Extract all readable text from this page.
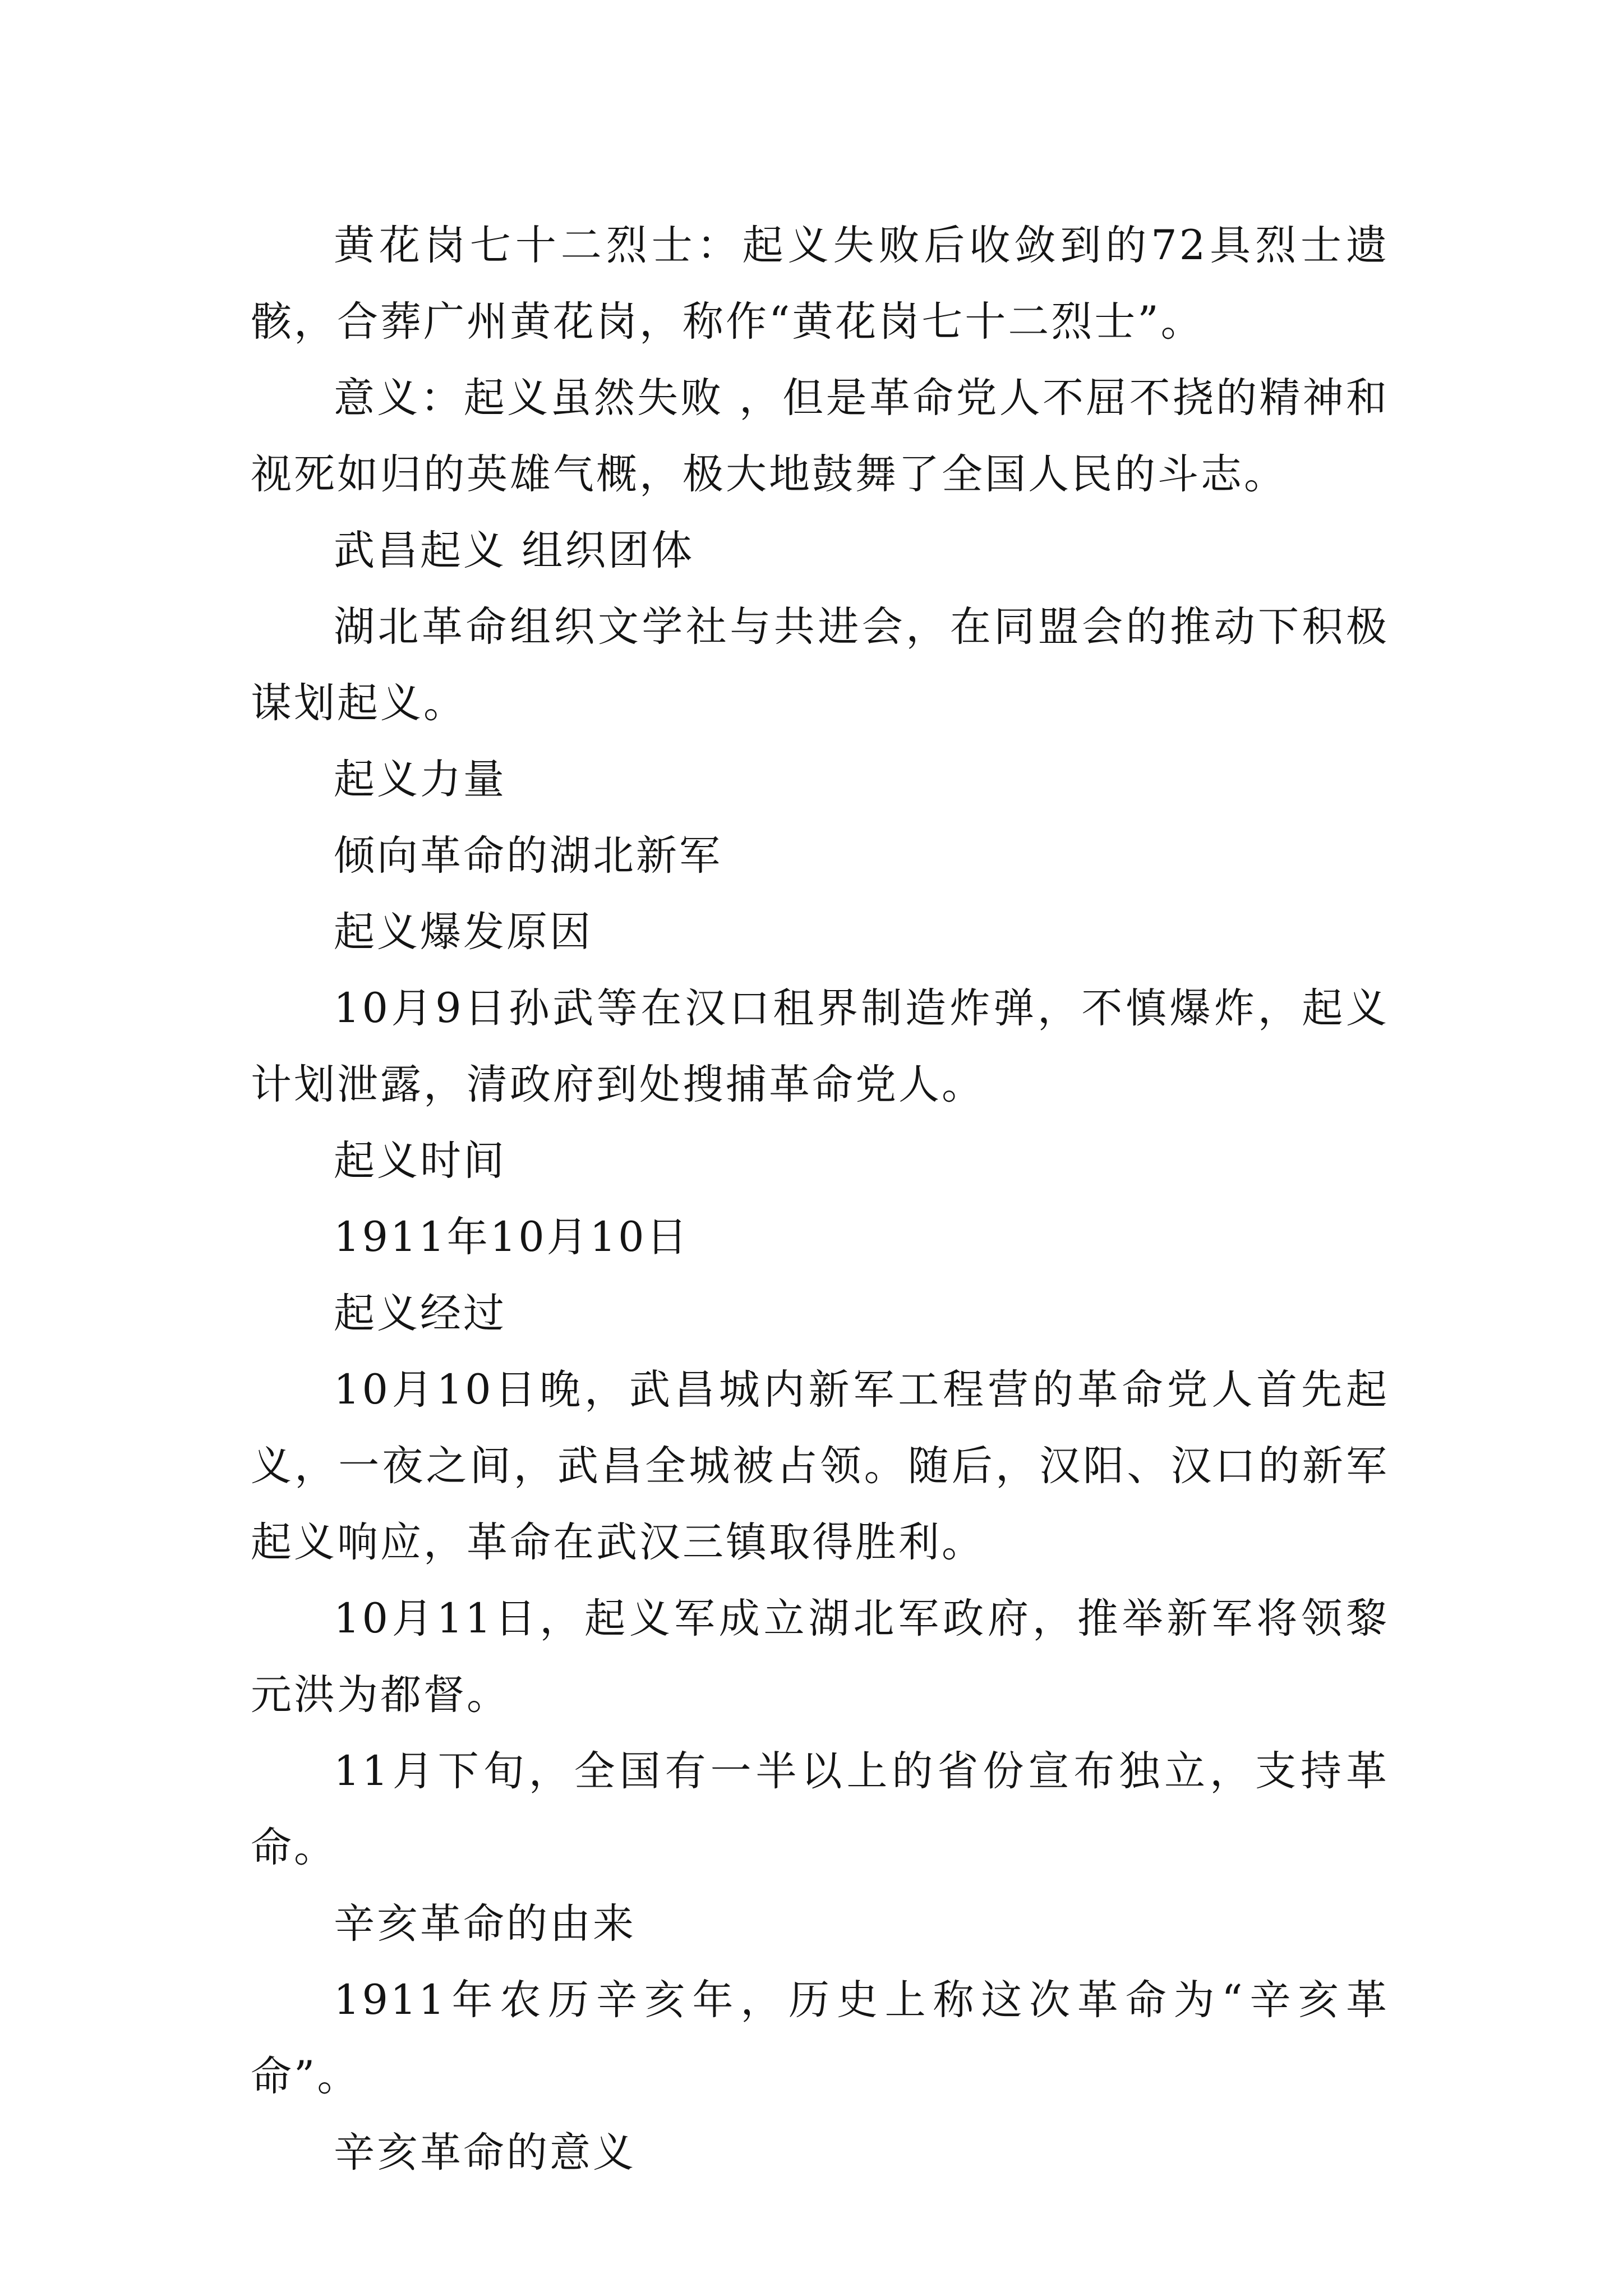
黄花岗七十二烈士：起义失败后收敛到的72具烈士遗骸，合葬广州黄花岗，称作“黄花岗七十二烈士”。

意义：起义虽然失败 ，但是革命党人不屈不挠的精神和视死如归的英雄气概，极大地鼓舞了全国人民的斗志。

武昌起义 组织团体

湖北革命组织文学社与共进会，在同盟会的推动下积极谋划起义。

起义力量

倾向革命的湖北新军

起义爆发原因

10月9日孙武等在汉口租界制造炸弹，不慎爆炸，起义计划泄露，清政府到处搜捕革命党人。

起义时间

1911年10月10日

起义经过

10月10日晚，武昌城内新军工程营的革命党人首先起义，一夜之间，武昌全城被占领。随后，汉阳、汉口的新军起义响应，革命在武汉三镇取得胜利。

10月11日，起义军成立湖北军政府，推举新军将领黎元洪为都督。

11月下旬，全国有一半以上的省份宣布独立，支持革命。

辛亥革命的由来

1911年农历辛亥年，历史上称这次革命为“辛亥革命”。

辛亥革命的意义
